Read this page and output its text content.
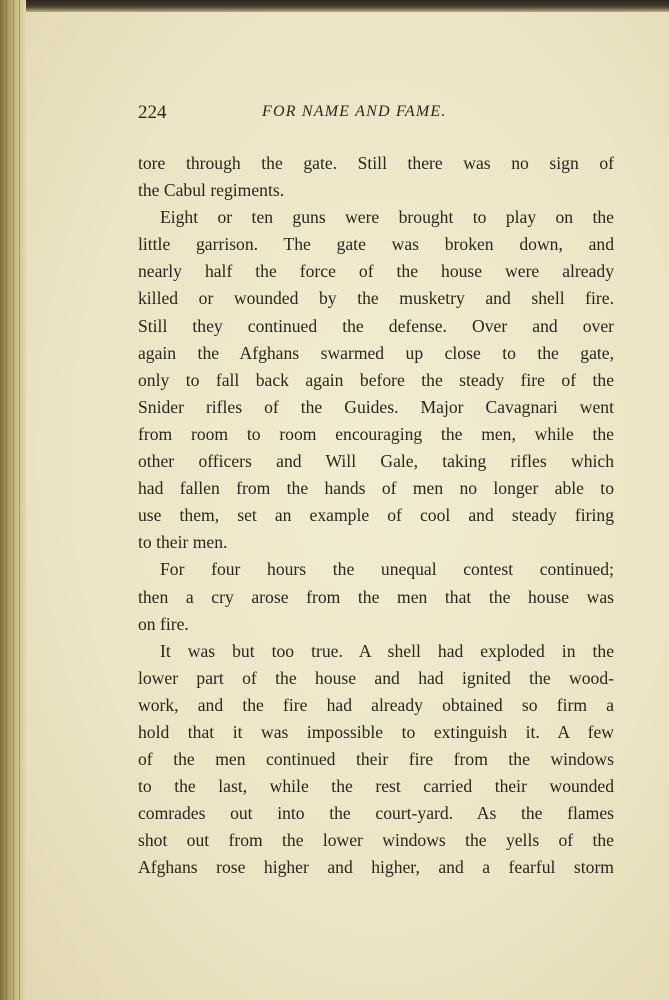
224	FOR NAME AND FAME.
tore through the gate. Still there was no sign of
the Cabul regiments.
Eight or ten guns were brought to play on the
little garrison. The gate was broken down, and
nearly half the force of the house were already
killed or wounded by the musketry and shell fire.
Still they continued the defense. Over and over
again the Afghans swarmed up close to the gate,
only to fall back again before the steady fire of the
Snider rifles of the Guides. Major Cavagnari went
from room to room encouraging the men, while the
other officers and Will Gale, taking rifles which
had fallen from the hands of men no longer able to
use them, set an example of cool and steady firing
to their men.
For four hours the unequal contest continued;
then a cry arose from the men that the house was
on fire.
It was but too true. A shell had exploded in the
lower part of the house and had ignited the wood-
work, and the fire had already obtained so firm a
hold that it was impossible to extinguish it. A few
of the men continued their fire from the windows
to the last, while the rest carried their wounded
comrades out into the court-yard. As the flames
shot out from the lower windows the yells of the
Afghans rose higher and higher, and a fearful storm
